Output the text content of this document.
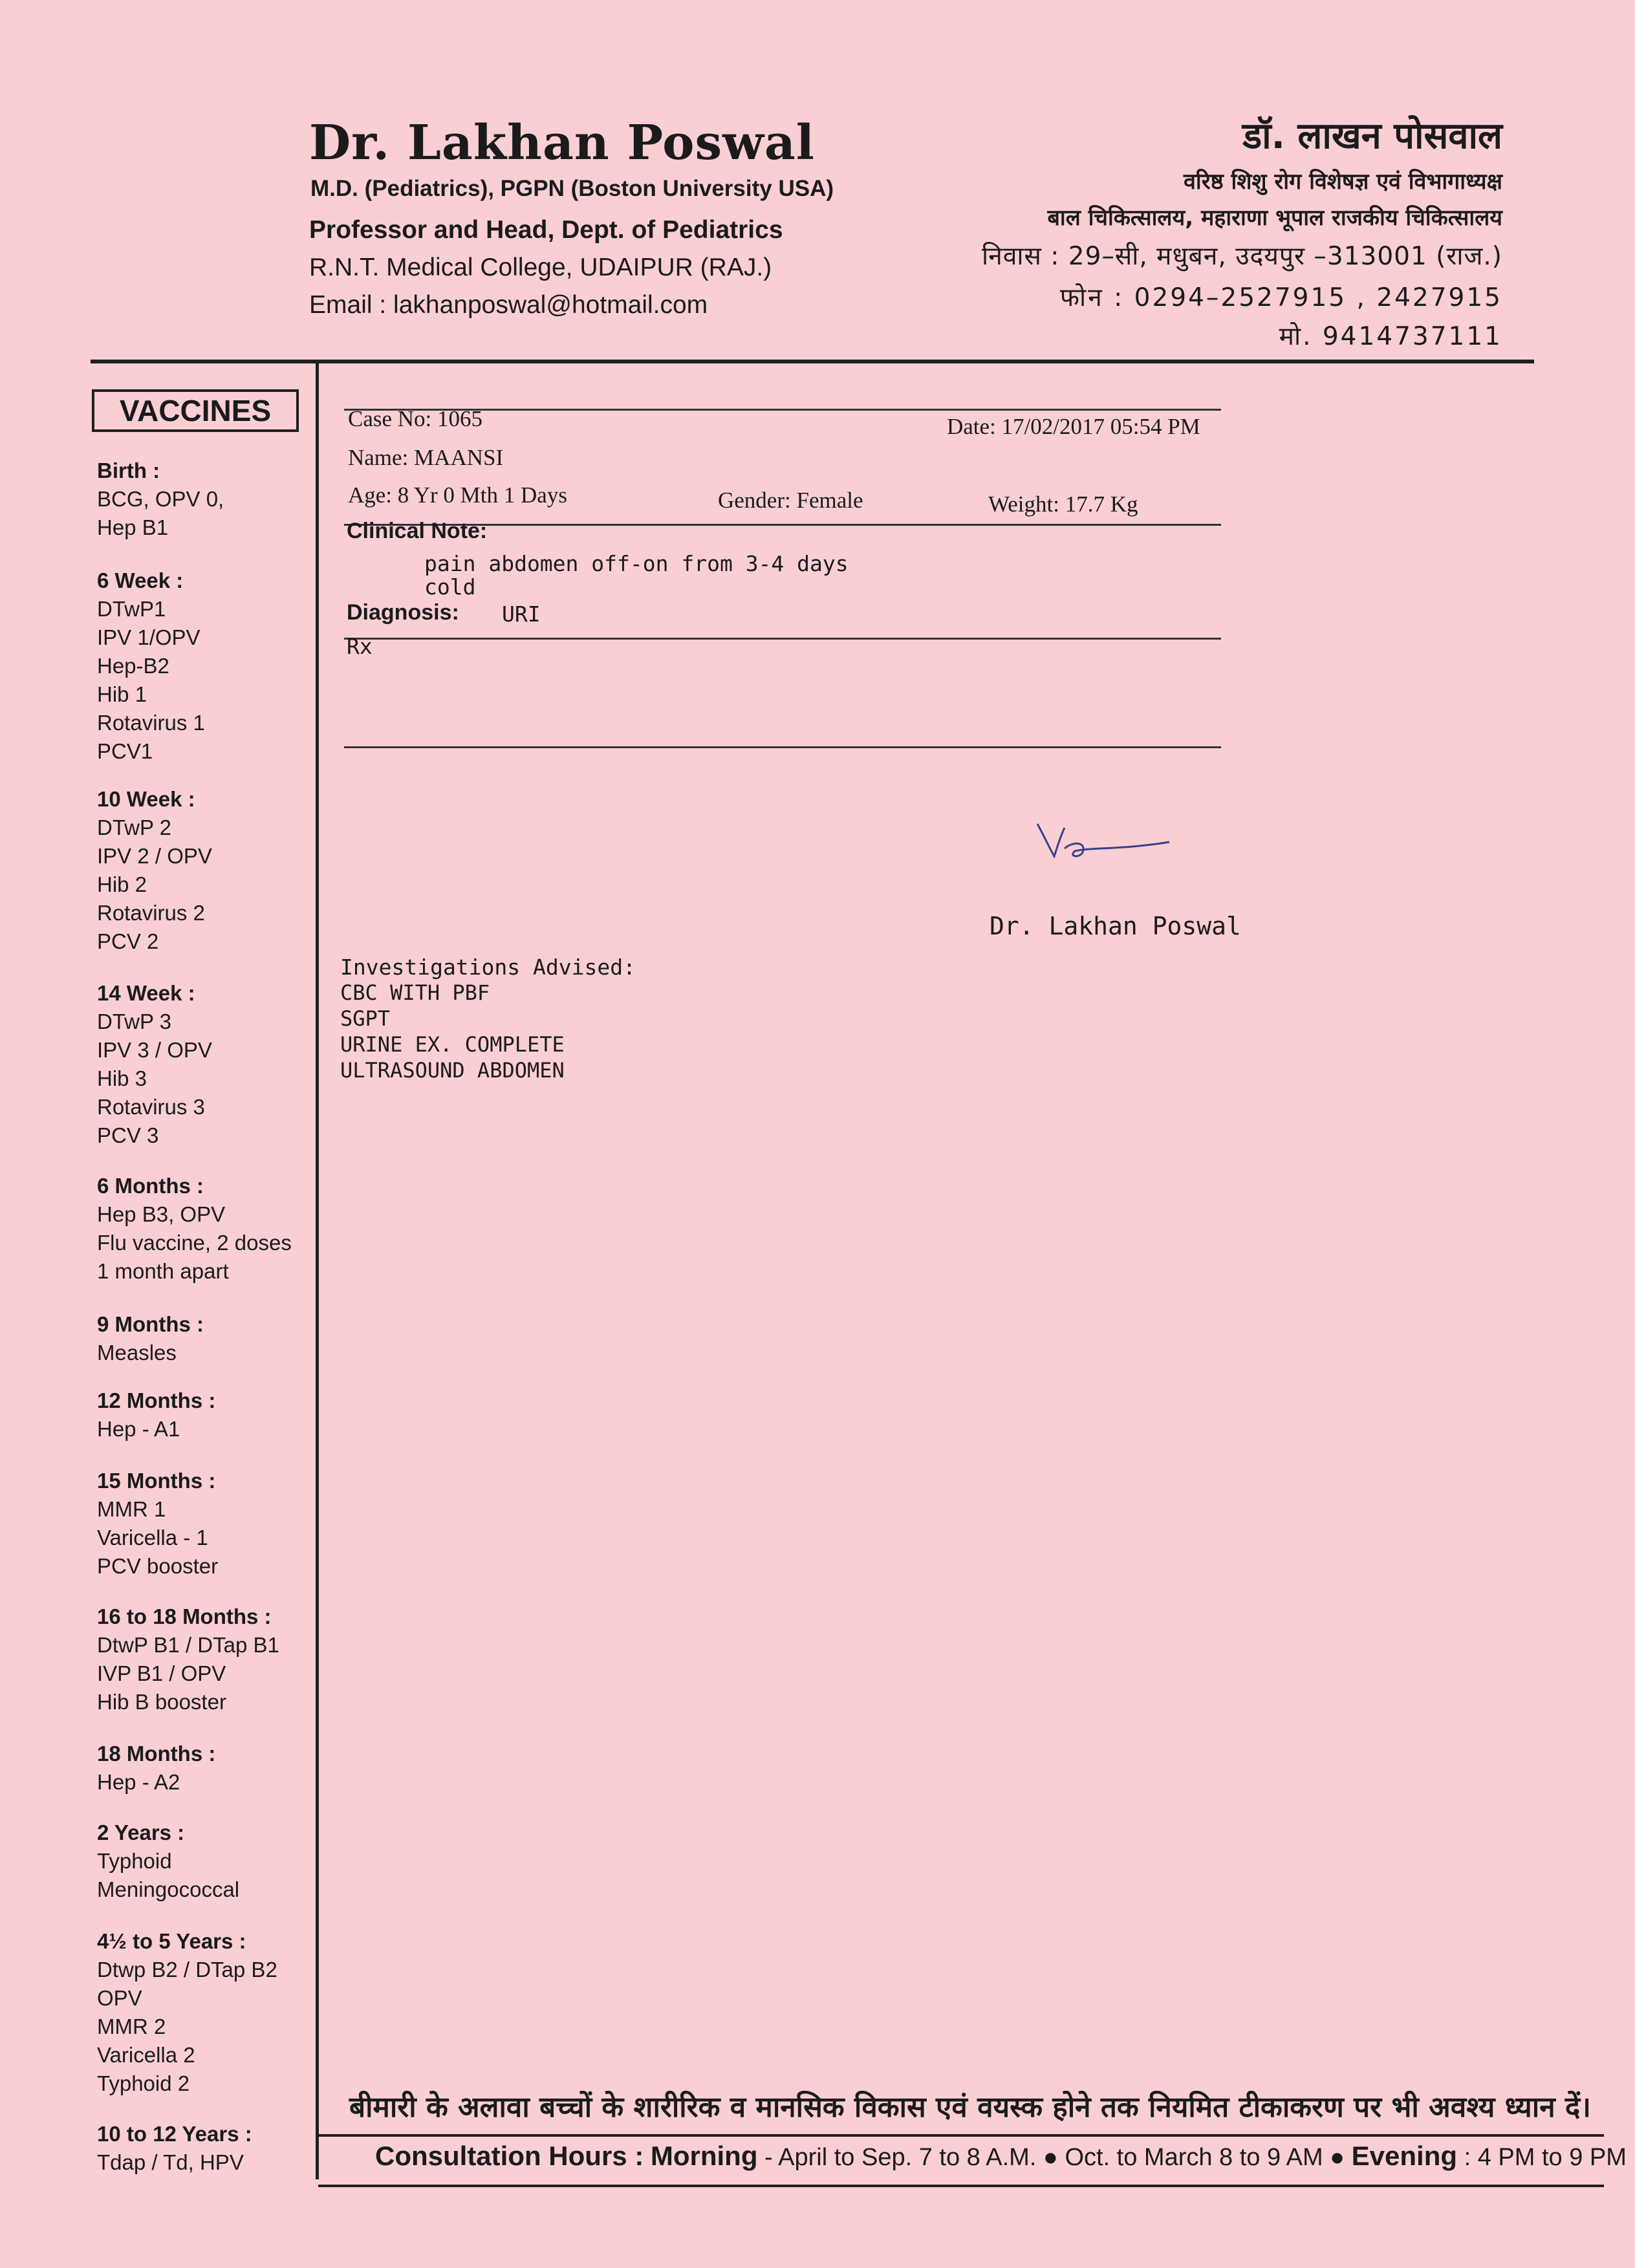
Dr. Lakhan Poswal
M.D. (Pediatrics), PGPN (Boston University USA)
Professor and Head, Dept. of Pediatrics
R.N.T. Medical College, UDAIPUR (RAJ.)
Email : lakhanposwal@hotmail.com
डॉ. लाखन पोसवाल
वरिष्ठ शिशु रोग विशेषज्ञ एवं विभागाध्यक्ष
बाल चिकित्सालय, महाराणा भूपाल राजकीय चिकित्सालय
निवास : 29–सी, मधुबन, उदयपुर –313001 (राज.)
फोन : 0294–2527915 , 2427915
मो. 9414737111
VACCINES
Birth :
BCG, OPV 0,
Hep B1
6 Week :
DTwP1
IPV 1/OPV
Hep-B2
Hib 1
Rotavirus 1
PCV1
10 Week :
DTwP 2
IPV 2 / OPV
Hib 2
Rotavirus 2
PCV 2
14 Week :
DTwP 3
IPV 3 / OPV
Hib 3
Rotavirus 3
PCV 3
6 Months :
Hep B3, OPV
Flu vaccine, 2 doses
1 month apart
9 Months :
Measles
12 Months :
Hep - A1
15 Months :
MMR 1
Varicella - 1
PCV booster
16 to 18 Months :
DtwP B1 / DTap B1
IVP B1 / OPV
Hib B booster
18 Months :
Hep - A2
2 Years :
Typhoid
Meningococcal
4½ to 5 Years :
Dtwp B2 / DTap B2
OPV
MMR 2
Varicella 2
Typhoid 2
10 to 12 Years :
Tdap / Td, HPV
Case No: 1065	Date: 17/02/2017 05:54 PM
Name: MAANSI
Age: 8 Yr 0 Mth 1 Days	Gender: Female	Weight: 17.7 Kg
Clinical Note:
pain abdomen off-on from 3-4 days
cold
Diagnosis: URI
Rx
Dr. Lakhan Poswal
Investigations Advised:
CBC WITH PBF
SGPT
URINE EX. COMPLETE
ULTRASOUND ABDOMEN
बीमारी के अलावा बच्चों के शारीरिक व मानसिक विकास एवं वयस्क होने तक नियमित टीकाकरण पर भी अवश्य ध्यान दें।
Consultation Hours : Morning - April to Sep. 7 to 8 A.M. ● Oct. to March 8 to 9 AM ● Evening : 4 PM to 9 PM
